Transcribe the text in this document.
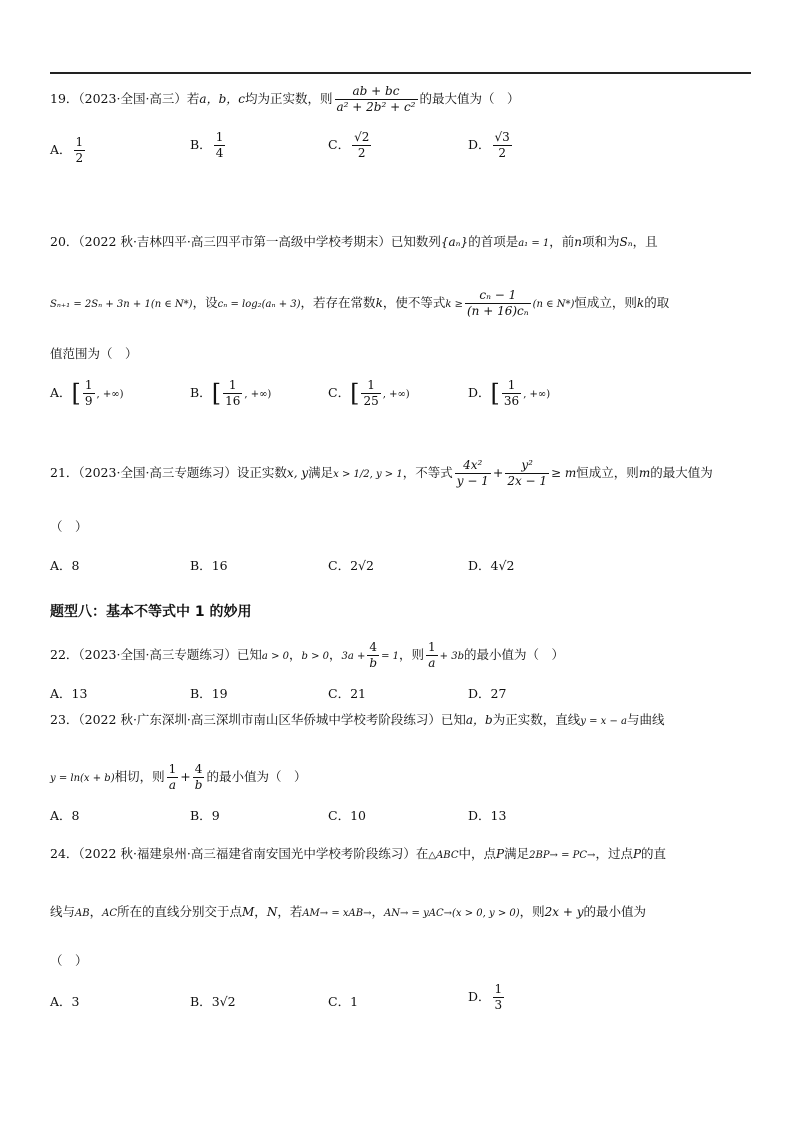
19．（2023·全国·高三）若a，b，c均为正实数，则 $\frac{ab + bc}{\text{a² + 2b² + c²}}$ 的最大值为（　）
A． $\frac{1}{2}$	B． $\frac{1}{4}$	C． $\frac{√2}{2}$	D． $\frac{√3}{2}$
20．（2022 秋·吉林四平·高三四平市第一高级中学校考期末）已知数列{aₙ}的首项是a₁ = 1，前n项和为Sₙ，且
Sₙ₊₁ = 2Sₙ + 3n + 1(n ∈ N*)，设cₙ = log₂(aₙ + 3)，若存在常数k，使不等式$k \ge \frac{\text{cₙ − 1}}{\text{(n + 16)cₙ}} (n$ ∈ N*)恒成立，则k的取
值范围为（　）
A．[ $\frac{1}{9}$ , +∞)	B．[ $\frac{1}{16}$ , +∞)	C．[ $\frac{1}{25}$ , +∞)	D．[ $\frac{1}{36}$ , +∞)
21．（2023·全国·高三专题练习）设正实数x, y满足x > 1/2, y > 1，不等式 $\frac{\text{4x²}}{y - 1} + \frac{\text{y²}}{2x - 1} \ge m$恒成立，则m的最大值为
（　）
A．8	B．16	C．2√2	D．4√2
题型八：基本不等式中 1 的妙用
22．（2023·全国·高三专题练习）已知a > 0，b > 0，$3a + \frac{4}{b} = 1$，则 $\frac{1}{a} + 3b$的最小值为（　）
A．13	B．19	C．21	D．27
23．（2022 秋·广东深圳·高三深圳市南山区华侨城中学校考阶段练习）已知a，b为正实数，直线y = x − a与曲线
y = ln(x + b)相切，则 $\frac{1}{a} + \frac{4}{b}$ 的最小值为（　）
A．8	B．9	C．10	D．13
24．（2022 秋·福建泉州·高三福建省南安国光中学校考阶段练习）在△ABC中，点P满足2BP→ = PC→，过点P的直
线与AB，AC所在的直线分别交于点M，N，若AM→ = xAB→，AN→ = yAC→(x > 0, y > 0)，则2x + y的最小值为
（　）
A．3	B．3√2	C．1	D． $\frac{1}{3}$
